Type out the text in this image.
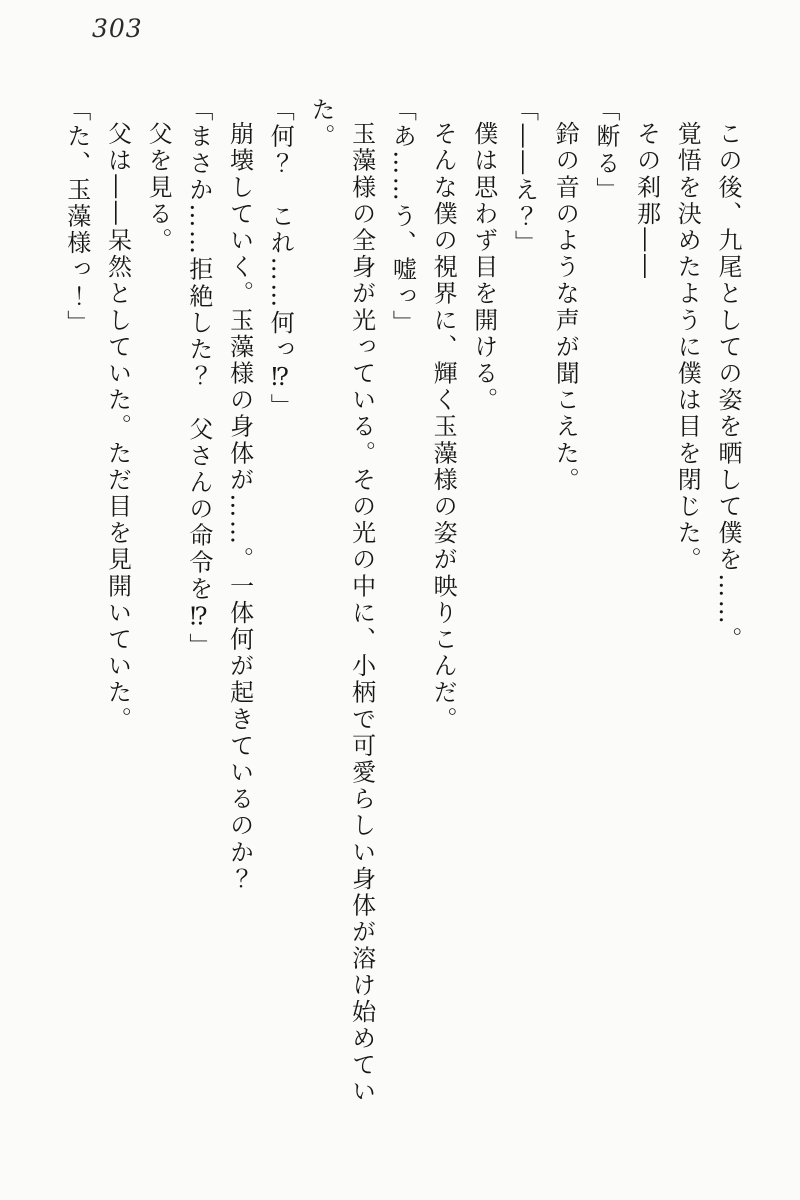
303

この後、九尾としての姿を晒して僕を……。

覚悟を決めたように僕は目を閉じた。

その刹那――

「断る」

鈴の音のような声が聞こえた。

「――え？」

僕は思わず目を開ける。

そんな僕の視界に、輝く玉藻様の姿が映りこんだ。

「あ……う、嘘っ」

玉藻様の全身が光っている。その光の中に、小柄で可愛らしい身体が溶け始めていた。

「何？　これ……何っ⁉」

崩壊していく。玉藻様の身体が……。一体何が起きているのか？

「まさか……拒絶した？　父さんの命令を⁉」

父を見る。

父は――呆然としていた。ただ目を見開いていた。

「た、玉藻様っ！」
